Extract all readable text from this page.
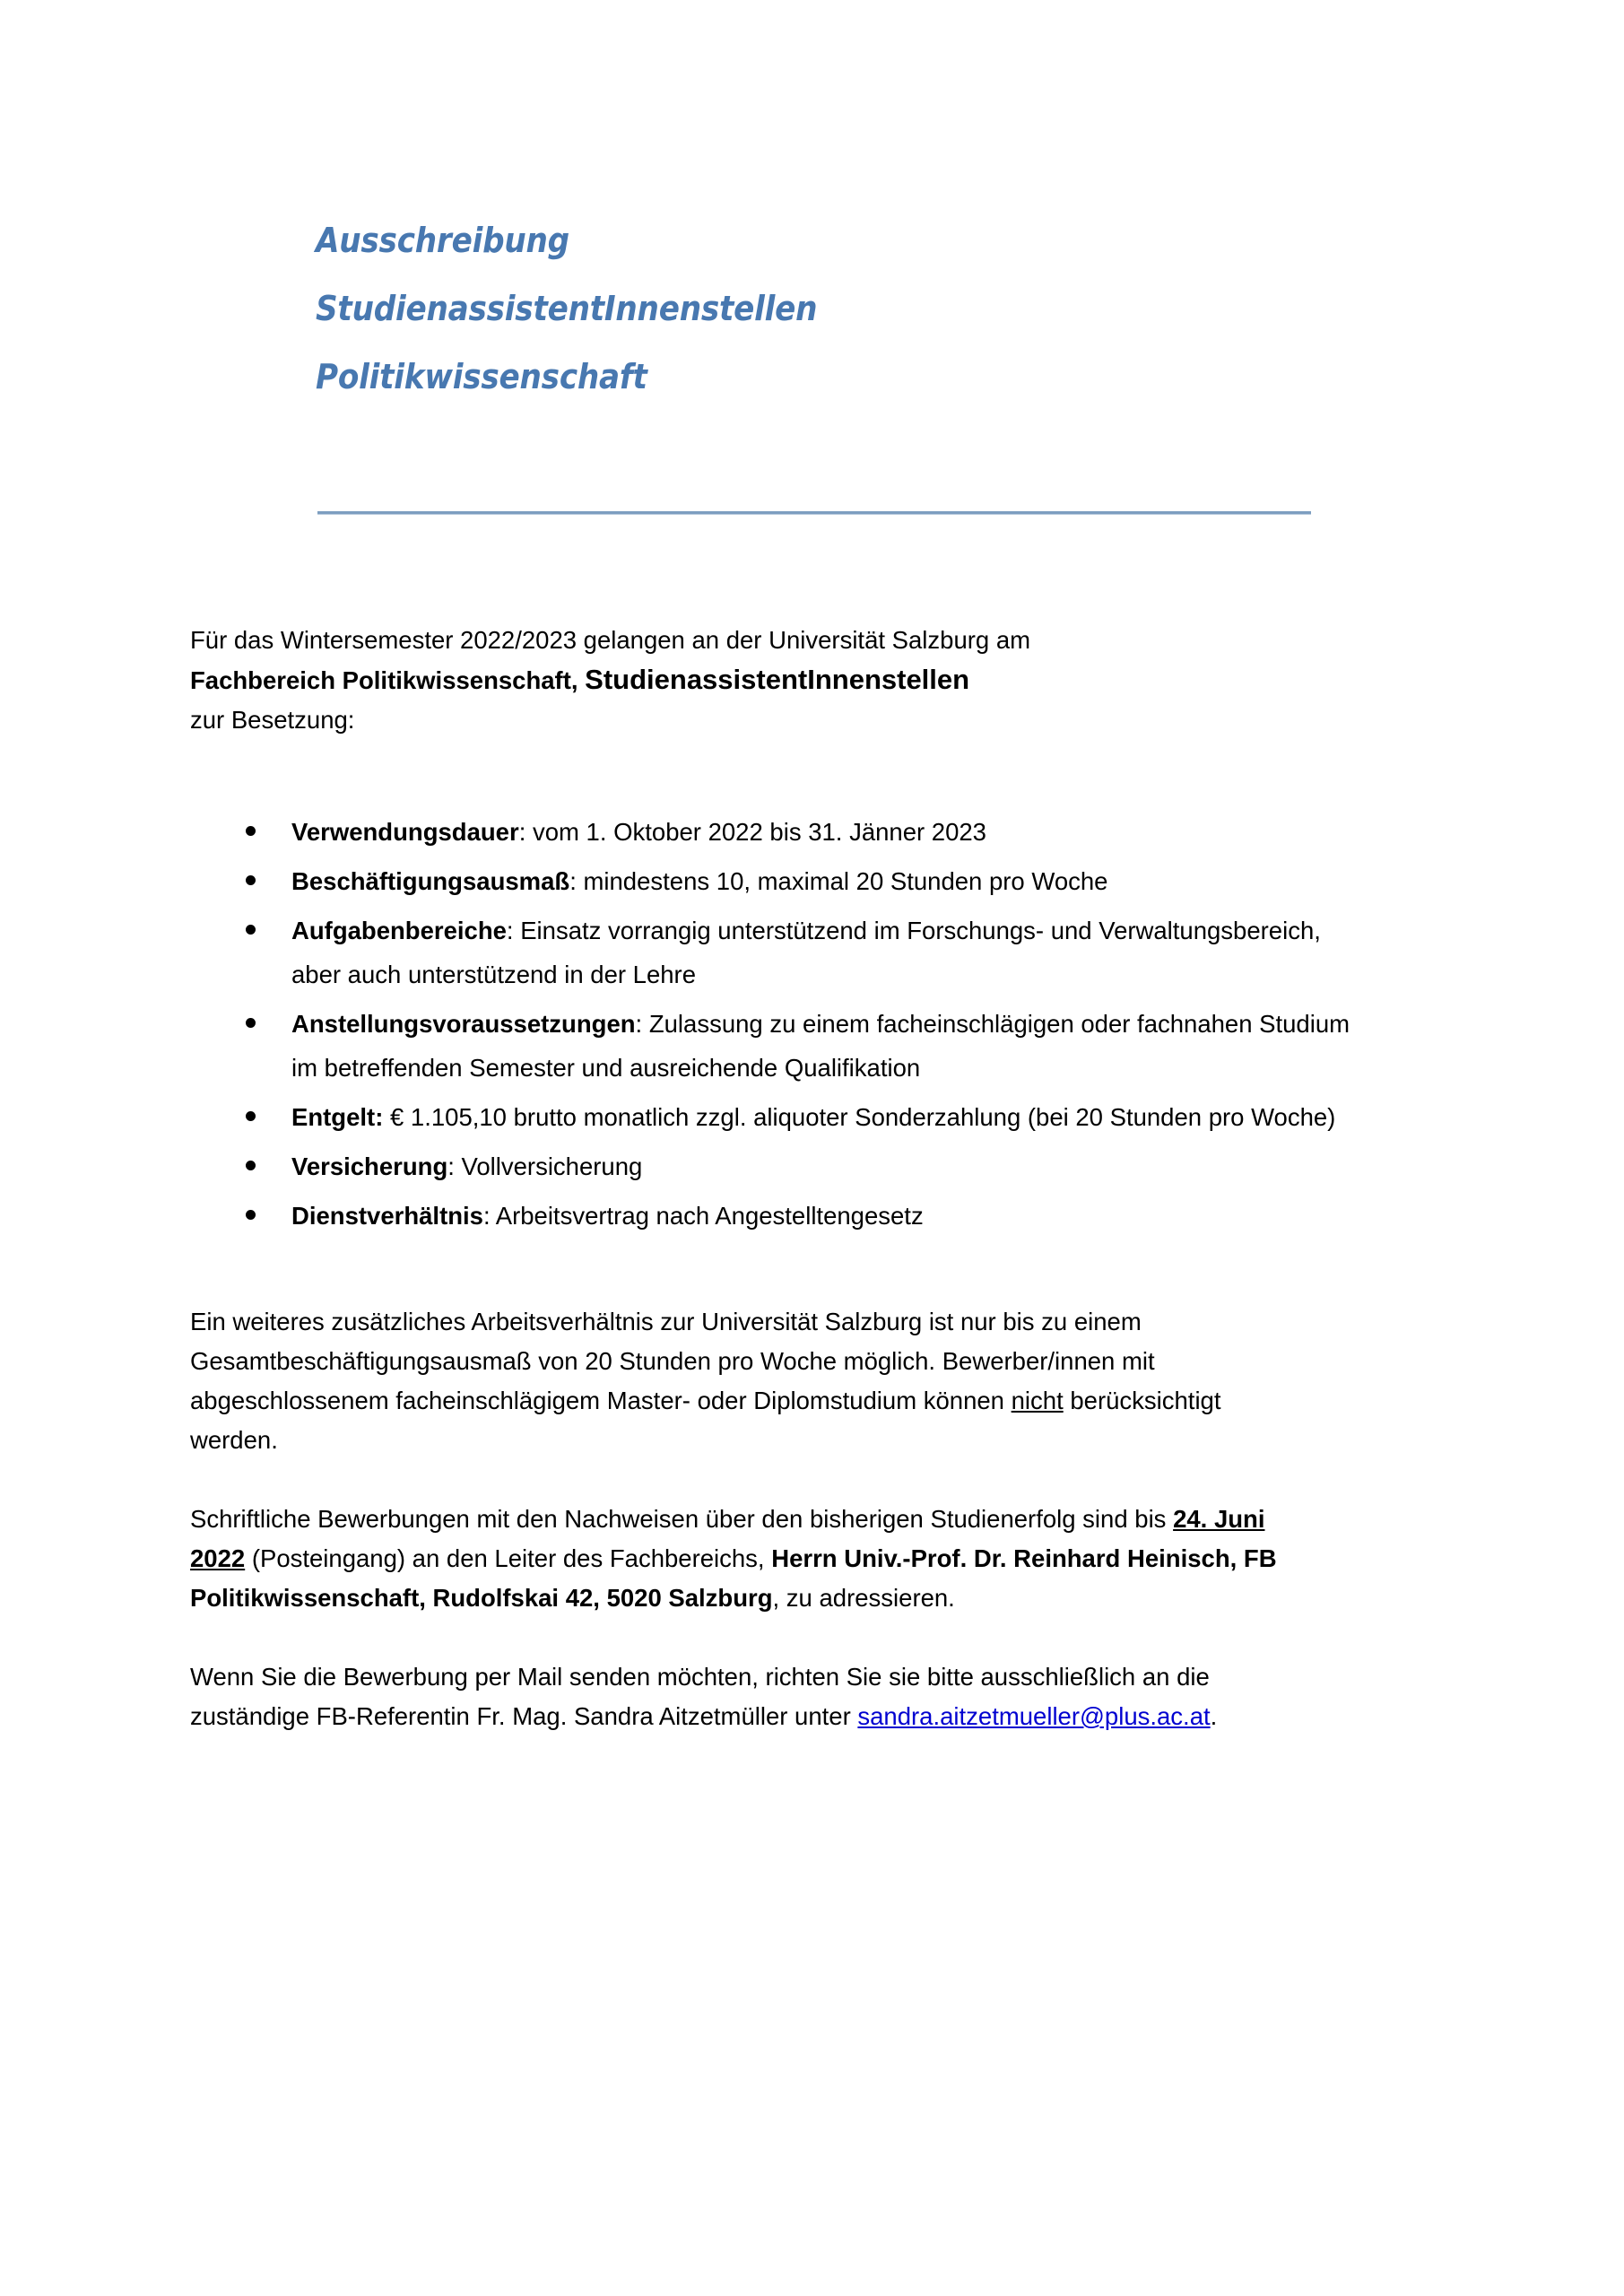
Ausschreibung
StudienassistentInnenstellen
Politikwissenschaft

Für das Wintersemester 2022/2023 gelangen an der Universität Salzburg am
Fachbereich Politikwissenschaft, StudienassistentInnenstellen
zur Besetzung:

Verwendungsdauer: vom 1. Oktober 2022 bis 31. Jänner 2023
Beschäftigungsausmaß: mindestens 10, maximal 20 Stunden pro Woche
Aufgabenbereiche: Einsatz vorrangig unterstützend im Forschungs- und Verwaltungsbereich, aber auch unterstützend in der Lehre
Anstellungsvoraussetzungen: Zulassung zu einem facheinschlägigen oder fachnahen Studium im betreffenden Semester und ausreichende Qualifikation
Entgelt: € 1.105,10 brutto monatlich zzgl. aliquoter Sonderzahlung (bei 20 Stunden pro Woche)
Versicherung: Vollversicherung
Dienstverhältnis: Arbeitsvertrag nach Angestelltengesetz

Ein weiteres zusätzliches Arbeitsverhältnis zur Universität Salzburg ist nur bis zu einem Gesamtbeschäftigungsausmaß von 20 Stunden pro Woche möglich. Bewerber/innen mit abgeschlossenem facheinschlägigem Master- oder Diplomstudium können nicht berücksichtigt werden.

Schriftliche Bewerbungen mit den Nachweisen über den bisherigen Studienerfolg sind bis 24. Juni 2022 (Posteingang) an den Leiter des Fachbereichs, Herrn Univ.-Prof. Dr. Reinhard Heinisch, FB Politikwissenschaft, Rudolfskai 42, 5020 Salzburg, zu adressieren.

Wenn Sie die Bewerbung per Mail senden möchten, richten Sie sie bitte ausschließlich an die zuständige FB-Referentin Fr. Mag. Sandra Aitzetmüller unter sandra.aitzetmueller@plus.ac.at.
